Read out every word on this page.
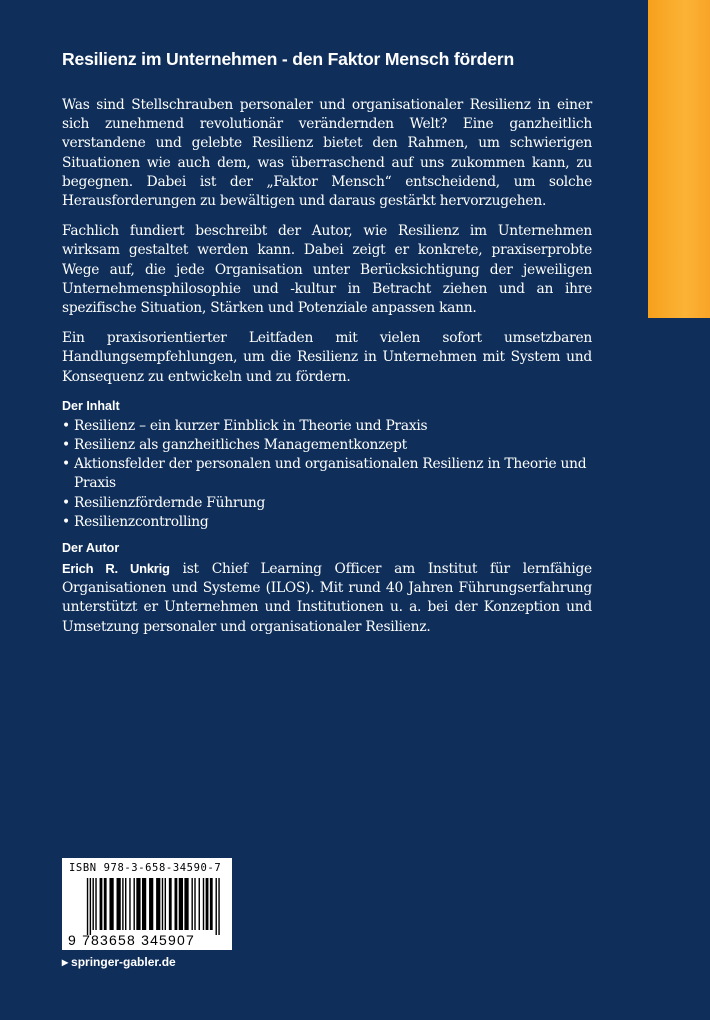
Resilienz im Unternehmen - den Faktor Mensch fördern

Was sind Stellschrauben personaler und organisationaler Resilienz in einer sich zunehmend revolutionär verändernden Welt? Eine ganzheitlich verstandene und gelebte Resilienz bietet den Rahmen, um schwierigen Situationen wie auch dem, was überraschend auf uns zukommen kann, zu begegnen. Dabei ist der „Faktor Mensch“ entscheidend, um solche Herausforderungen zu bewältigen und daraus gestärkt hervorzugehen.

Fachlich fundiert beschreibt der Autor, wie Resilienz im Unternehmen wirksam gestaltet werden kann. Dabei zeigt er konkrete, praxiserprobte Wege auf, die jede Organisation unter Berücksichtigung der jeweiligen Unternehmensphilosophie und -kultur in Betracht ziehen und an ihre spezifische Situation, Stärken und Potenziale anpassen kann.

Ein praxisorientierter Leitfaden mit vielen sofort umsetzbaren Handlungsempfehlungen, um die Resilienz in Unternehmen mit System und Konsequenz zu entwickeln und zu fördern.

Der Inhalt
• Resilienz – ein kurzer Einblick in Theorie und Praxis
• Resilienz als ganzheitliches Managementkonzept
• Aktionsfelder der personalen und organisationalen Resilienz in Theorie und Praxis
• Resilienzfördernde Führung
• Resilienzcontrolling
Der Autor

Erich R. Unkrig ist Chief Learning Officer am Institut für lernfähige Organisationen und Systeme (ILOS). Mit rund 40 Jahren Führungserfahrung unterstützt er Unternehmen und Institutionen u. a. bei der Konzeption und Umsetzung personaler und organisationaler Resilienz.

ISBN 978-3-658-34590-7
9 783658 345907
▸ springer-gabler.de
